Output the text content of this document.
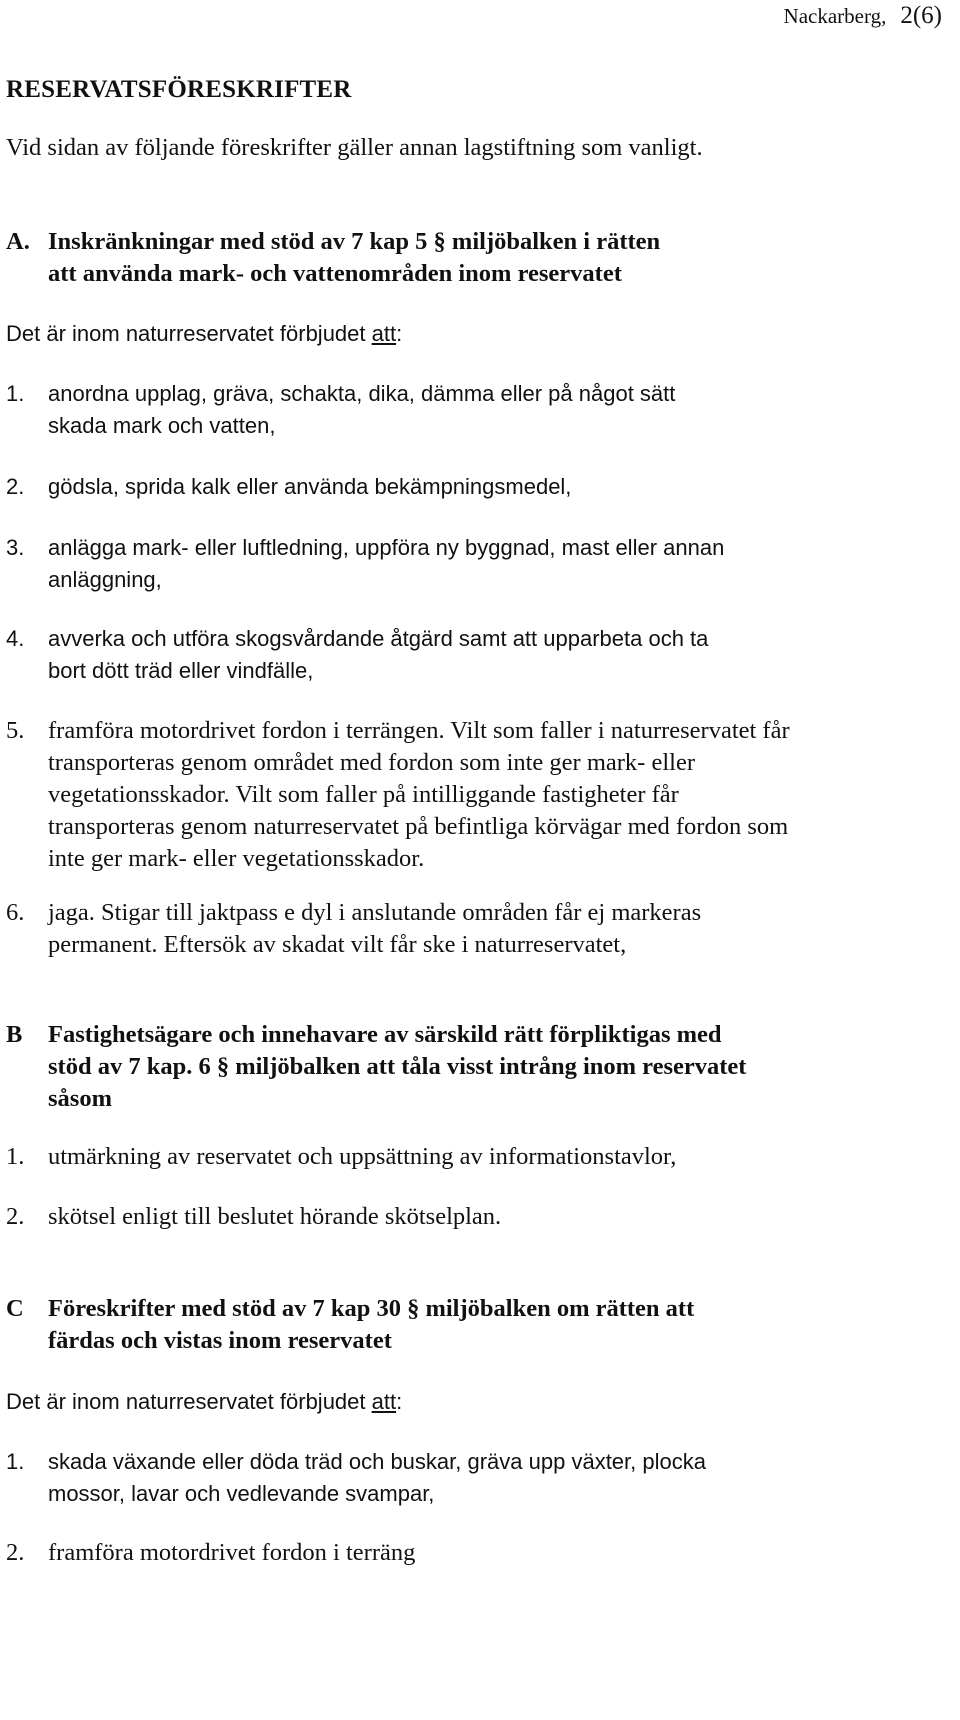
Nackarberg, 2(6)
RESERVATSFÖRESKRIFTER
Vid sidan av följande föreskrifter gäller annan lagstiftning som vanligt.
A. Inskränkningar med stöd av 7 kap 5 § miljöbalken i rätten att använda mark- och vattenområden inom reservatet
Det är inom naturreservatet förbjudet att:
1.	anordna upplag, gräva, schakta, dika, dämma eller på något sätt skada mark och vatten,
2.	gödsla, sprida kalk eller använda bekämpningsmedel,
3.	anlägga mark- eller luftledning, uppföra ny byggnad, mast eller annan anläggning,
4.	avverka och utföra skogsvårdande åtgärd samt att upparbeta och ta bort dött träd eller vindfälle,
5. framföra motordrivet fordon i terrängen. Vilt som faller i naturreservatet får transporteras genom området med fordon som inte ger mark- eller vegetationsskador. Vilt som faller på intilliggande fastigheter får transporteras genom naturreservatet på befintliga körvägar med fordon som inte ger mark- eller vegetationsskador.
6. jaga. Stigar till jaktpass e dyl i anslutande områden får ej markeras permanent. Eftersök av skadat vilt får ske i naturreservatet,
B	Fastighetsägare och innehavare av särskild rätt förpliktigas med stöd av 7 kap. 6 § miljöbalken att tåla visst intrång inom reservatet såsom
1. utmärkning av reservatet och uppsättning av informationstavlor,
2. skötsel enligt till beslutet hörande skötselplan.
C Föreskrifter med stöd av 7 kap 30 § miljöbalken om rätten att färdas och vistas inom reservatet
Det är inom naturreservatet förbjudet att:
1.	skada växande eller döda träd och buskar, gräva upp växter, plocka mossor, lavar och vedlevande svampar,
2. framföra motordrivet fordon i terräng
